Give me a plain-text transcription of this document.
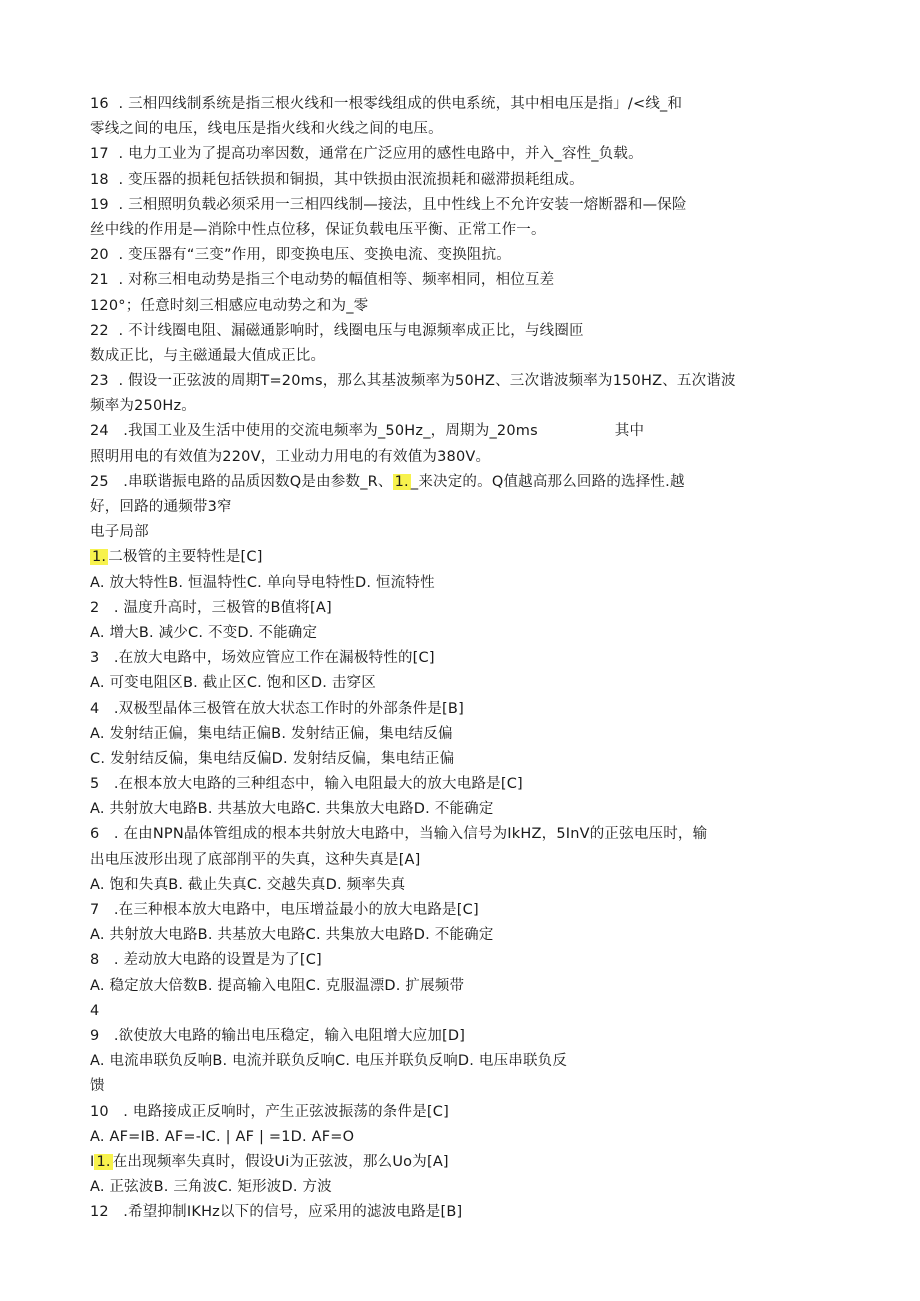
16  . 三相四线制系统是指三根火线和一根零线组成的供电系统，其中相电压是指」/<线_和
零线之间的电压，线电压是指火线和火线之间的电压。
17  . 电力工业为了提高功率因数，通常在广泛应用的感性电路中，并入_容性_负载。
18  . 变压器的损耗包括铁损和铜损，其中铁损由泯流损耗和磁滞损耗组成。
19  . 三相照明负载必须采用一三相四线制—接法，且中性线上不允许安装一熔断器和—保险
丝中线的作用是—消除中性点位移，保证负载电压平衡、正常工作一。
20  . 变压器有“三变”作用，即变换电压、变换电流、变换阻抗。
21  . 对称三相电动势是指三个电动势的幅值相等、频率相同，相位互差
120°；任意时刻三相感应电动势之和为_零
22  . 不计线圈电阻、漏磁通影响时，线圈电压与电源频率成正比，与线圈匝
数成正比，与主磁通最大值成正比。
23  . 假设一正弦波的周期T=20ms，那么其基波频率为50HZ、三次谐波频率为150HZ、五次谐波
频率为250Hz。
24   .我国工业及生活中使用的交流电频率为_50Hz_，周期为_20ms                其中
照明用电的有效值为220V，工业动力用电的有效值为380V。
25   .串联谐振电路的品质因数Q是由参数_R、 1. _来决定的。Q值越高那么回路的选择性.越
好，回路的通频带3窄
电子局部
1. 二极管的主要特性是[C]
A. 放大特性B. 恒温特性C. 单向导电特性D. 恒流特性
2   . 温度升高时，三极管的B值将[A]
A. 增大B. 减少C. 不变D. 不能确定
3   .在放大电路中，场效应管应工作在漏极特性的[C]
A. 可变电阻区B. 截止区C. 饱和区D. 击穿区
4   .双极型晶体三极管在放大状态工作时的外部条件是[B]
A. 发射结正偏，集电结正偏B. 发射结正偏，集电结反偏
C. 发射结反偏，集电结反偏D. 发射结反偏，集电结正偏
5   .在根本放大电路的三种组态中，输入电阻最大的放大电路是[C]
A. 共射放大电路B. 共基放大电路C. 共集放大电路D. 不能确定
6   . 在由NPN晶体管组成的根本共射放大电路中，当输入信号为IkHZ，5InV的正弦电压时，输
出电压波形出现了底部削平的失真，这种失真是[A]
A. 饱和失真B. 截止失真C. 交越失真D. 频率失真
7   .在三种根本放大电路中，电压增益最小的放大电路是[C]
A. 共射放大电路B. 共基放大电路C. 共集放大电路D. 不能确定
8   . 差动放大电路的设置是为了[C]
A. 稳定放大倍数B. 提高输入电阻C. 克服温漂D. 扩展频带
4
9   .欲使放大电路的输出电压稳定，输入电阻增大应加[D]
A. 电流串联负反响B. 电流并联负反响C. 电压并联负反响D. 电压串联负反
馈
10   . 电路接成正反响时，产生正弦波振荡的条件是[C]
A. AF=IB. AF=-IC. | AF | =1D. AF=O
I 1. 在出现频率失真时，假设Ui为正弦波，那么Uo为[A]
A. 正弦波B. 三角波C. 矩形波D. 方波
12   .希望抑制IKHz以下的信号，应采用的滤波电路是[B]
